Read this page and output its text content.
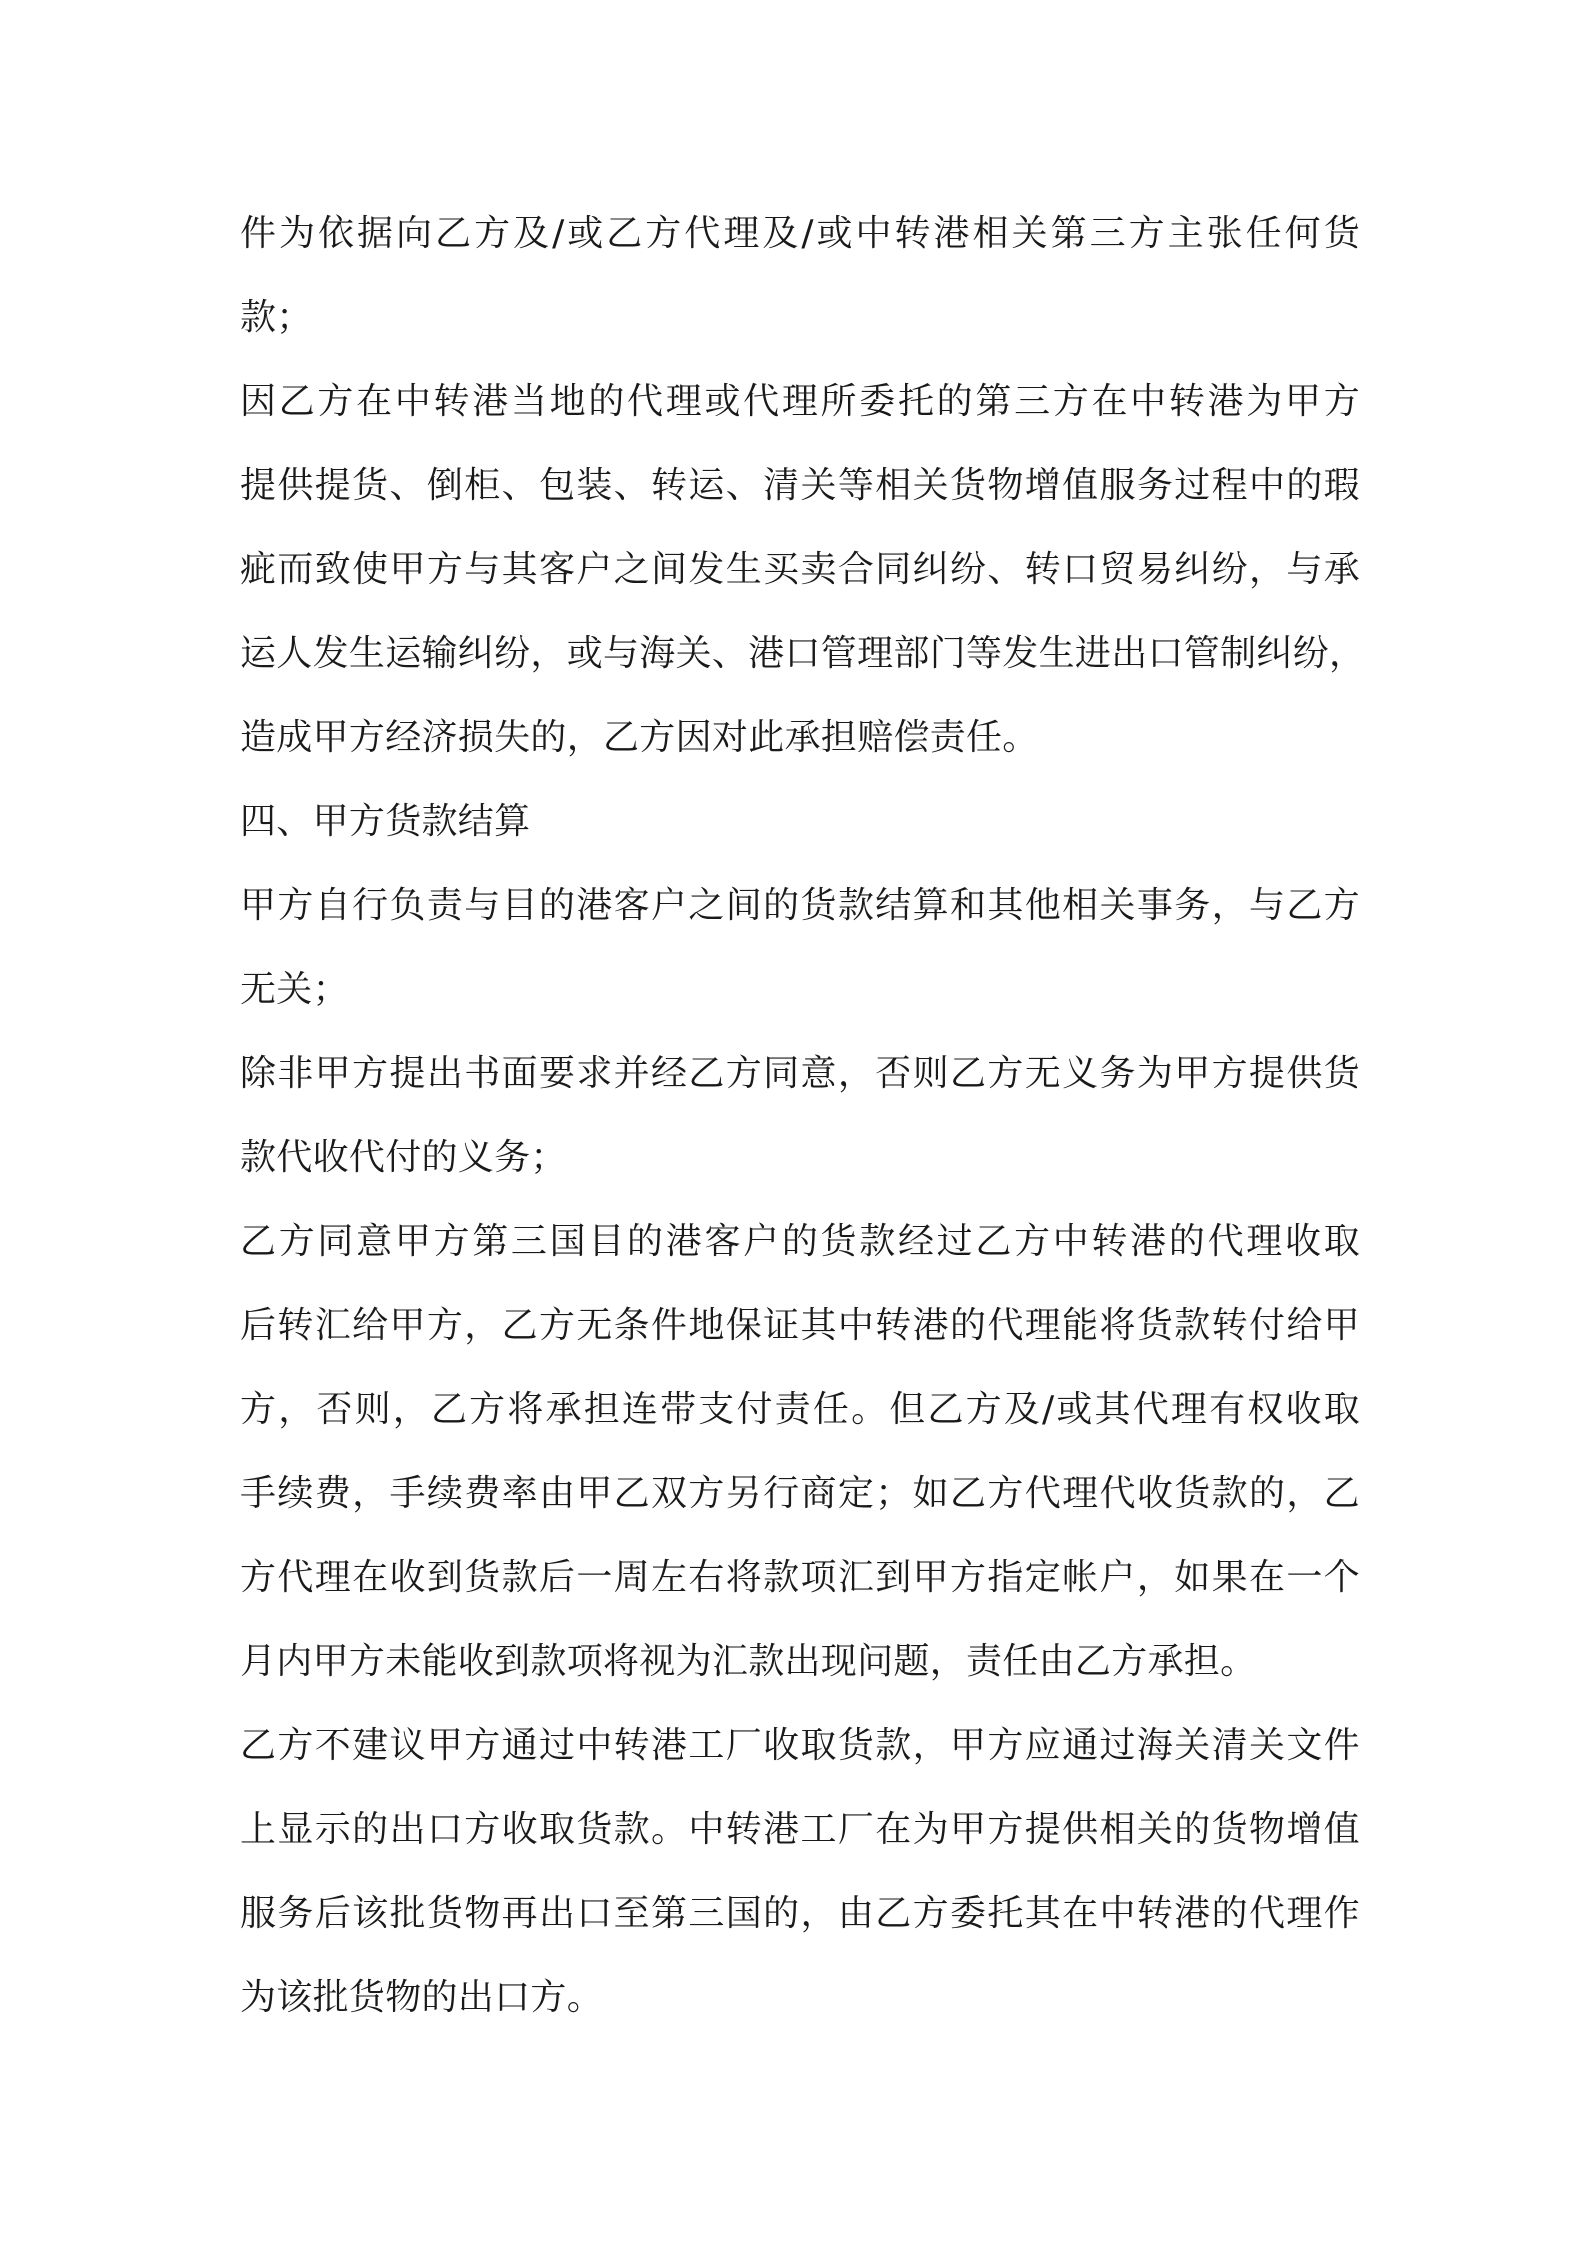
件为依据向乙方及/或乙方代理及/或中转港相关第三方主张任何货
款；
因乙方在中转港当地的代理或代理所委托的第三方在中转港为甲方
提供提货、倒柜、包装、转运、清关等相关货物增值服务过程中的瑕
疵而致使甲方与其客户之间发生买卖合同纠纷、转口贸易纠纷，与承
运人发生运输纠纷，或与海关、港口管理部门等发生进出口管制纠纷，
造成甲方经济损失的，乙方因对此承担赔偿责任。
四、甲方货款结算
甲方自行负责与目的港客户之间的货款结算和其他相关事务，与乙方
无关；
除非甲方提出书面要求并经乙方同意，否则乙方无义务为甲方提供货
款代收代付的义务；
乙方同意甲方第三国目的港客户的货款经过乙方中转港的代理收取
后转汇给甲方，乙方无条件地保证其中转港的代理能将货款转付给甲
方，否则，乙方将承担连带支付责任。但乙方及/或其代理有权收取
手续费，手续费率由甲乙双方另行商定；如乙方代理代收货款的，乙
方代理在收到货款后一周左右将款项汇到甲方指定帐户，如果在一个
月内甲方未能收到款项将视为汇款出现问题，责任由乙方承担。
乙方不建议甲方通过中转港工厂收取货款，甲方应通过海关清关文件
上显示的出口方收取货款。中转港工厂在为甲方提供相关的货物增值
服务后该批货物再出口至第三国的，由乙方委托其在中转港的代理作
为该批货物的出口方。
